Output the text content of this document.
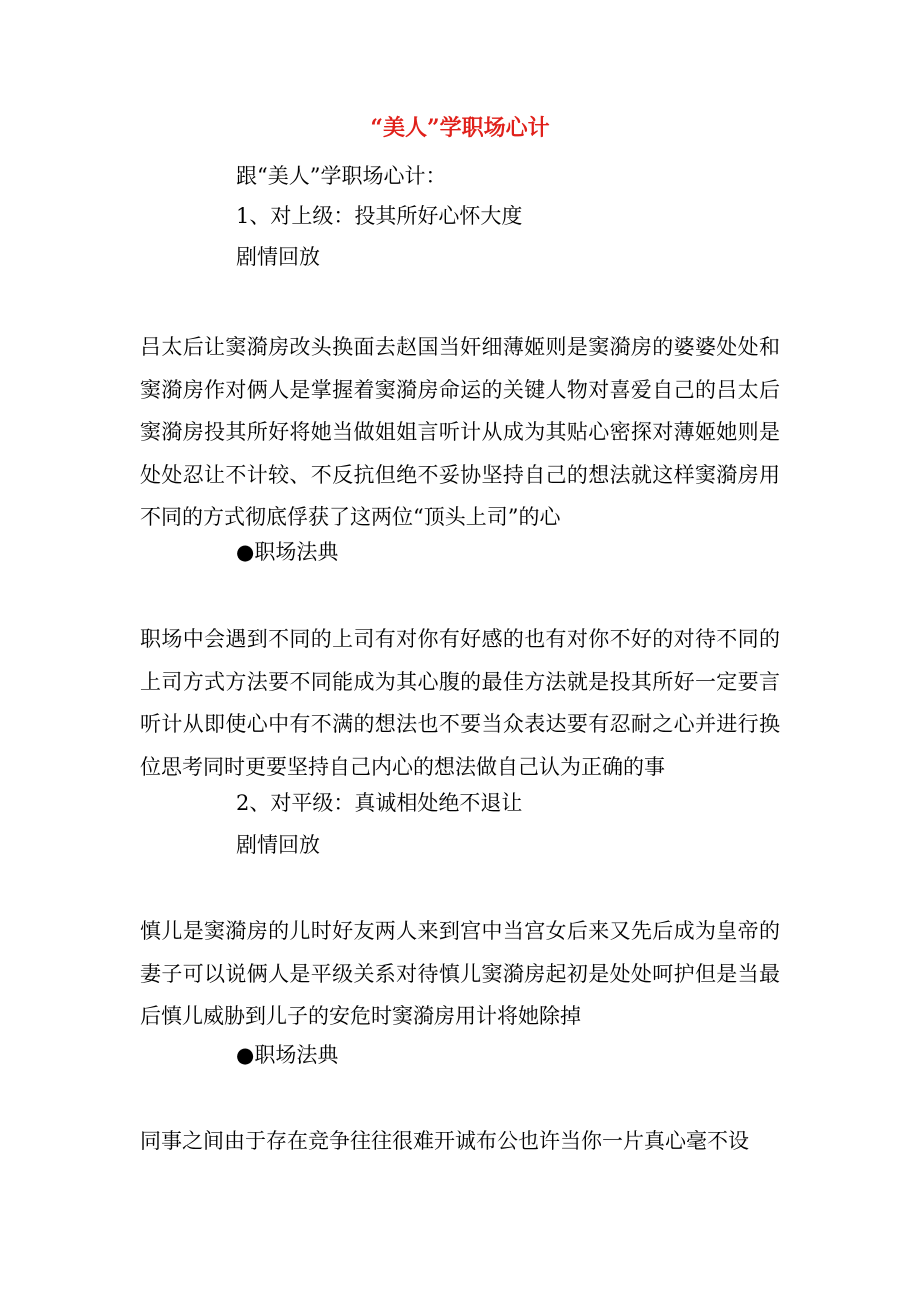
“美人”学职场心计

跟“美人”学职场心计：

1、对上级：投其所好心怀大度

剧情回放

吕太后让窦漪房改头换面去赵国当奸细薄姬则是窦漪房的婆婆处处和窦漪房作对俩人是掌握着窦漪房命运的关键人物对喜爱自己的吕太后窦漪房投其所好将她当做姐姐言听计从成为其贴心密探对薄姬她则是处处忍让不计较、不反抗但绝不妥协坚持自己的想法就这样窦漪房用不同的方式彻底俘获了这两位“顶头上司”的心

●职场法典

职场中会遇到不同的上司有对你有好感的也有对你不好的对待不同的上司方式方法要不同能成为其心腹的最佳方法就是投其所好一定要言听计从即使心中有不满的想法也不要当众表达要有忍耐之心并进行换位思考同时更要坚持自己内心的想法做自己认为正确的事

2、对平级：真诚相处绝不退让

剧情回放

慎儿是窦漪房的儿时好友两人来到宫中当宫女后来又先后成为皇帝的妻子可以说俩人是平级关系对待慎儿窦漪房起初是处处呵护但是当最后慎儿威胁到儿子的安危时窦漪房用计将她除掉

●职场法典

同事之间由于存在竞争往往很难开诚布公也许当你一片真心毫不设
